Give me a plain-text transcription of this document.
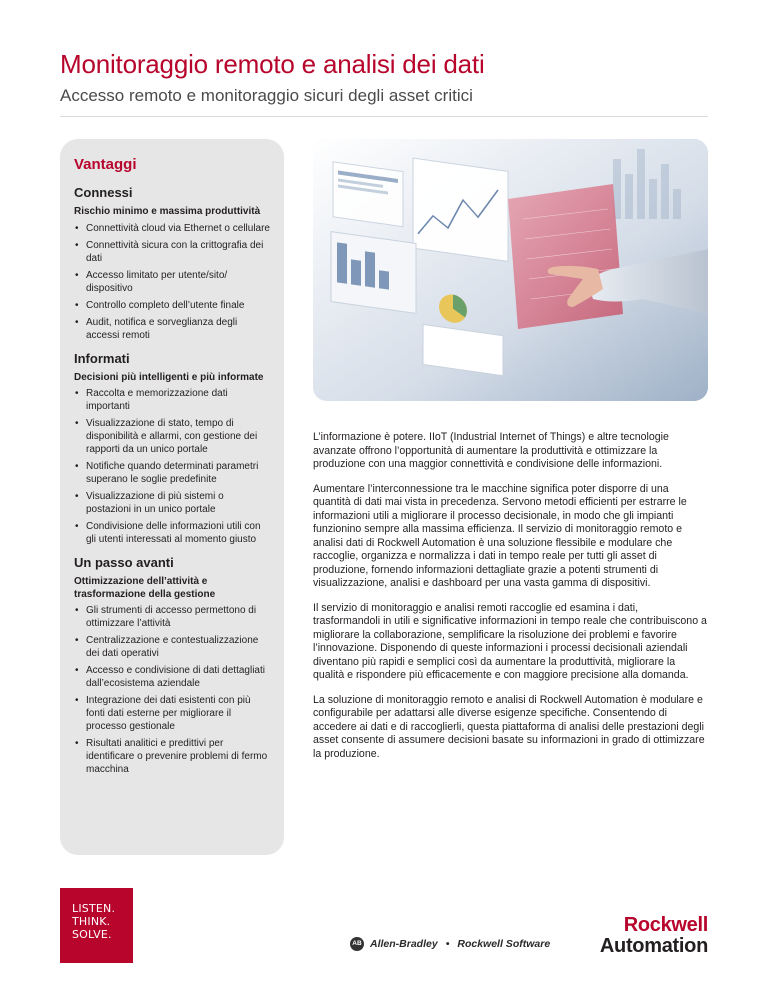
Monitoraggio remoto e analisi dei dati
Accesso remoto e monitoraggio sicuri degli asset critici
Vantaggi
Connessi

Rischio minimo e massima produttività

• Connettività cloud via Ethernet o cellulare
• Connettività sicura con la crittografia dei dati
• Accesso limitato per utente/sito/ dispositivo
• Controllo completo dell’utente finale
• Audit, notifica e sorveglianza degli accessi remoti
Informati

Decisioni più intelligenti e più informate

• Raccolta e memorizzazione dati importanti
• Visualizzazione di stato, tempo di disponibilità e allarmi, con gestione dei rapporti da un unico portale
• Notifiche quando determinati parametri superano le soglie predefinite
• Visualizzazione di più sistemi o postazioni in un unico portale
• Condivisione delle informazioni utili con gli utenti interessati al momento giusto
Un passo avanti

Ottimizzazione dell’attività e trasformazione della gestione

• Gli strumenti di accesso permettono di ottimizzare l’attività
• Centralizzazione e contestualizzazione dei dati operativi
• Accesso e condivisione di dati dettagliati dall’ecosistema aziendale
• Integrazione dei dati esistenti con più fonti dati esterne per migliorare il processo gestionale
• Risultati analitici e predittivi per identificare o prevenire problemi di fermo macchina

L’informazione è potere. IIoT (Industrial Internet of Things) e altre tecnologie avanzate offrono l’opportunità di aumentare la produttività e ottimizzare la produzione con una maggior connettività e condivisione delle informazioni.

Aumentare l’interconnessione tra le macchine significa poter disporre di una quantità di dati mai vista in precedenza. Servono metodi efficienti per estrarre le informazioni utili a migliorare il processo decisionale, in modo che gli impianti funzionino sempre alla massima efficienza. Il servizio di monitoraggio remoto e analisi dati di Rockwell Automation è una soluzione flessibile e modulare che raccoglie, organizza e normalizza i dati in tempo reale per tutti gli asset di produzione, fornendo informazioni dettagliate grazie a potenti strumenti di visualizzazione, analisi e dashboard per una vasta gamma di dispositivi.

Il servizio di monitoraggio e analisi remoti raccoglie ed esamina i dati, trasformandoli in utili e significative informazioni in tempo reale che contribuiscono a migliorare la collaborazione, semplificare la risoluzione dei problemi e favorire l’innovazione. Disponendo di queste informazioni i processi decisionali aziendali diventano più rapidi e semplici così da aumentare la produttività, migliorare la qualità e rispondere più efficacemente e con maggiore precisione alla domanda.

La soluzione di monitoraggio remoto e analisi di Rockwell Automation è modulare e configurabile per adattarsi alle diverse esigenze specifiche. Consentendo di accedere ai dati e di raccoglierli, questa piattaforma di analisi delle prestazioni degli asset consente di assumere decisioni basate su informazioni in grado di ottimizzare la produzione.

LISTEN.
THINK.
SOLVE.
AB Allen-Bradley • Rockwell Software
Rockwell
Automation
